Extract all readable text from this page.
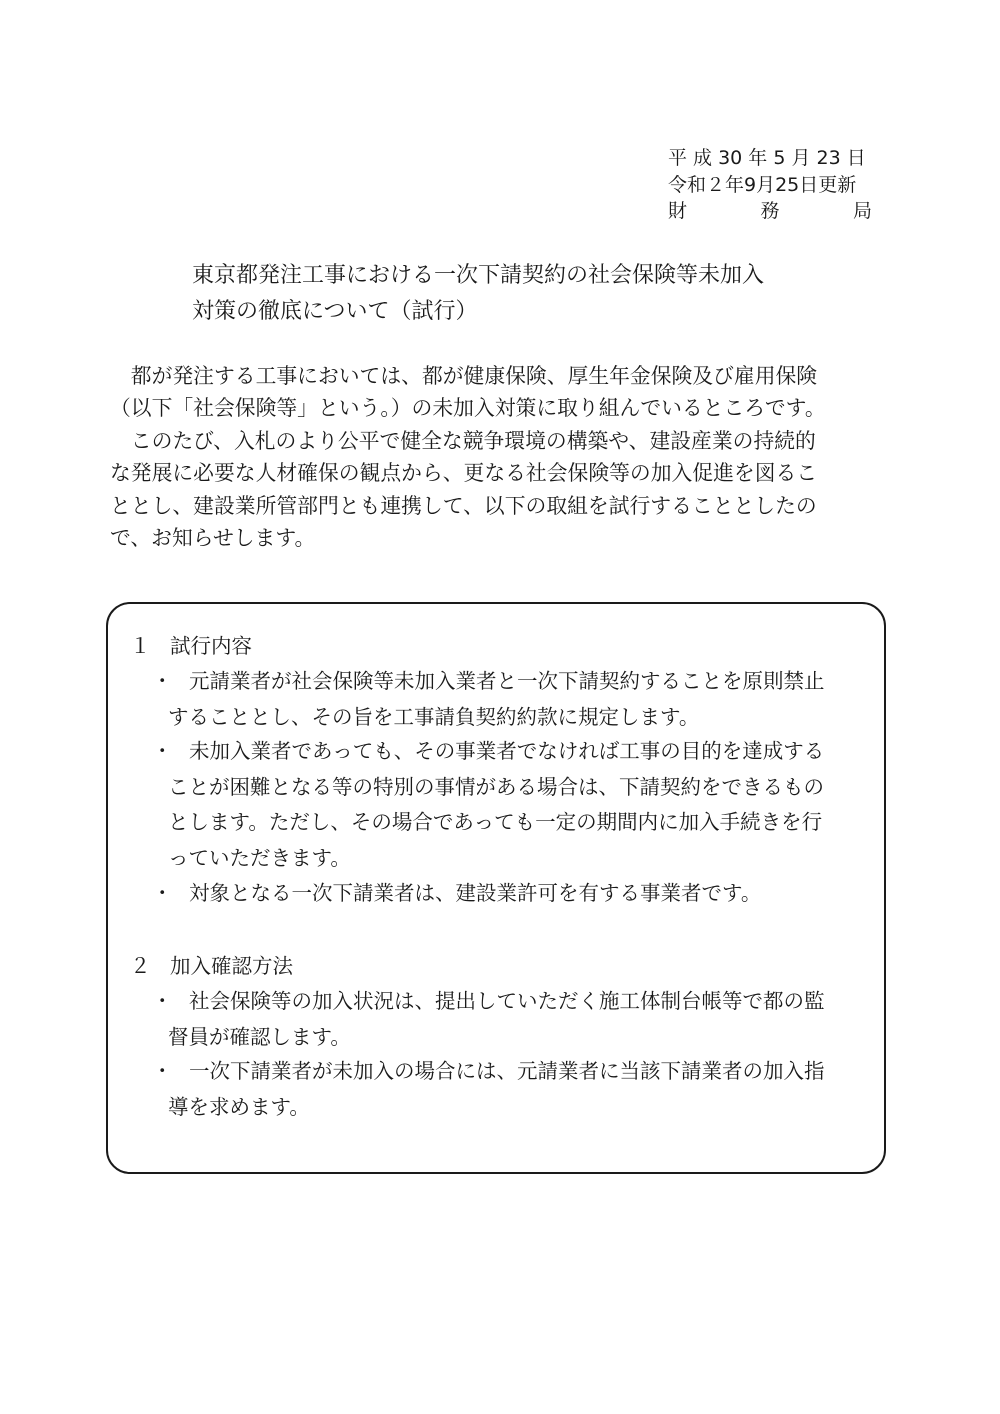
平 成 30 年 5 月 23 日
令和２年9月25日更新
財	務	局
東京都発注工事における一次下請契約の社会保険等未加入
対策の徹底について（試行）

　都が発注する工事においては、都が健康保険、厚生年金保険及び雇用保険

（以下「社会保険等」という。）の未加入対策に取り組んでいるところです。

　このたび、入札のより公平で健全な競争環境の構築や、建設産業の持続的

な発展に必要な人材確保の観点から、更なる社会保険等の加入促進を図るこ

ととし、建設業所管部門とも連携して、以下の取組を試行することとしたの

で、お知らせします。

１ 試行内容
・ 元請業者が社会保険等未加入業者と一次下請契約することを原則禁止
することとし、その旨を工事請負契約約款に規定します。
・ 未加入業者であっても、その事業者でなければ工事の目的を達成する
ことが困難となる等の特別の事情がある場合は、下請契約をできるもの
とします。ただし、その場合であっても一定の期間内に加入手続きを行
っていただきます。
・ 対象となる一次下請業者は、建設業許可を有する事業者です。
２ 加入確認方法
・ 社会保険等の加入状況は、提出していただく施工体制台帳等で都の監
督員が確認します。
・ 一次下請業者が未加入の場合には、元請業者に当該下請業者の加入指
導を求めます。
